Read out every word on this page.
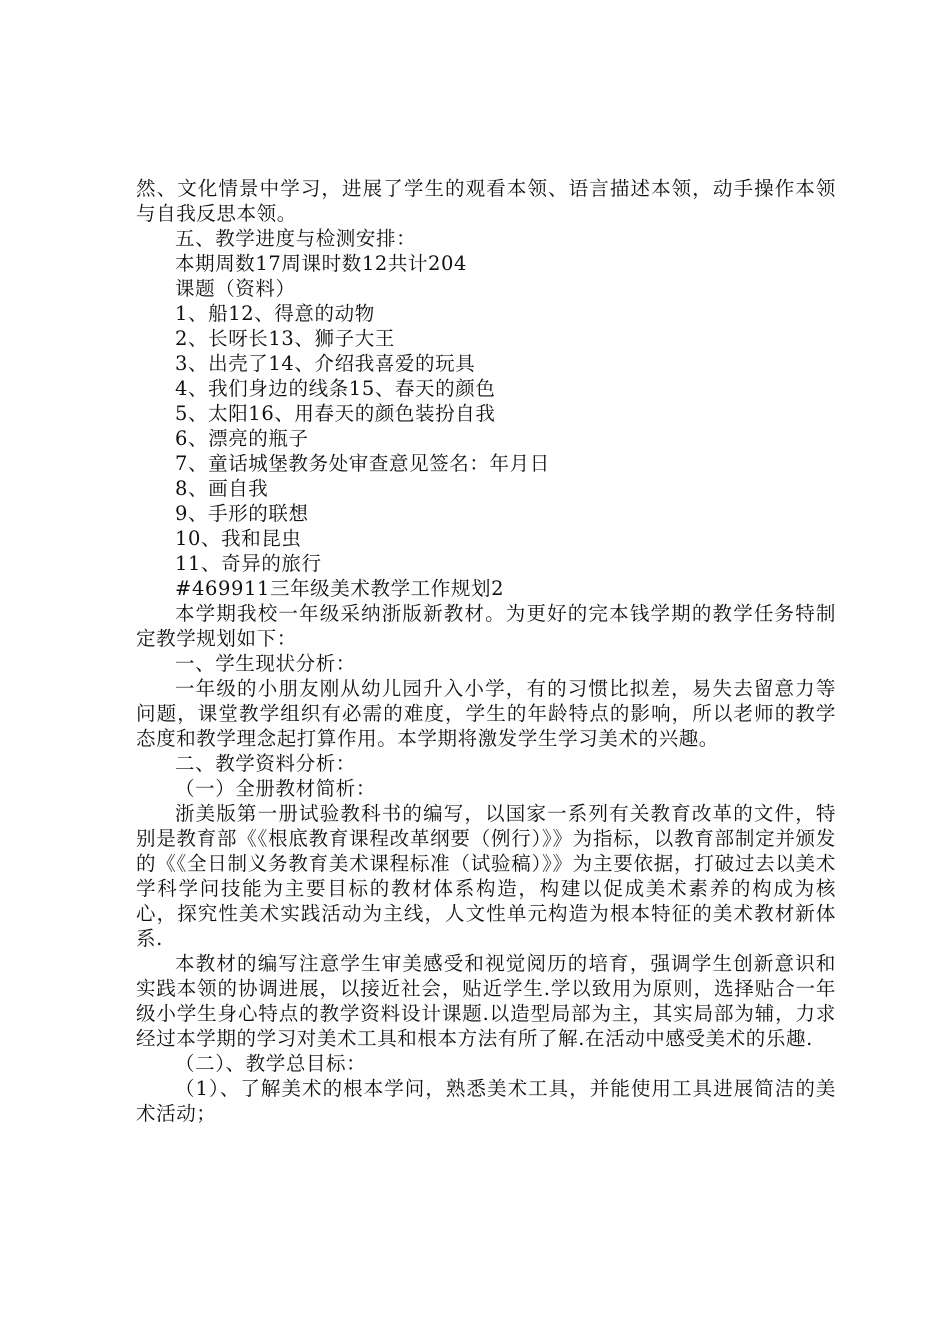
然、文化情景中学习，进展了学生的观看本领、语言描述本领，动手操作本领与自我反思本领。

五、教学进度与检测安排：

本期周数17周课时数12共计204

课题（资料）

1、船12、得意的动物

2、长呀长13、狮子大王

3、出壳了14、介绍我喜爱的玩具

4、我们身边的线条15、春天的颜色

5、太阳16、用春天的颜色装扮自我

6、漂亮的瓶子

7、童话城堡教务处审查意见签名：年月日

8、画自我

9、手形的联想

10、我和昆虫

11、奇异的旅行

#469911三年级美术教学工作规划2

本学期我校一年级采纳浙版新教材。为更好的完本钱学期的教学任务特制定教学规划如下：

一、学生现状分析：

一年级的小朋友刚从幼儿园升入小学，有的习惯比拟差，易失去留意力等问题，课堂教学组织有必需的难度，学生的年龄特点的影响，所以老师的教学态度和教学理念起打算作用。本学期将激发学生学习美术的兴趣。

二、教学资料分析：

（一）全册教材简析：

浙美版第一册试验教科书的编写，以国家一系列有关教育改革的文件，特别是教育部《《根底教育课程改革纲要（例行）》》为指标，以教育部制定并颁发的《《全日制义务教育美术课程标准（试验稿）》》为主要依据，打破过去以美术学科学问技能为主要目标的教材体系构造，构建以促成美术素养的构成为核心，探究性美术实践活动为主线，人文性单元构造为根本特征的美术教材新体系.

本教材的编写注意学生审美感受和视觉阅历的培育，强调学生创新意识和实践本领的协调进展，以接近社会，贴近学生.学以致用为原则，选择贴合一年级小学生身心特点的教学资料设计课题.以造型局部为主，其实局部为辅，力求经过本学期的学习对美术工具和根本方法有所了解.在活动中感受美术的乐趣.

（二）、教学总目标：

（1）、了解美术的根本学问，熟悉美术工具，并能使用工具进展简洁的美术活动；
